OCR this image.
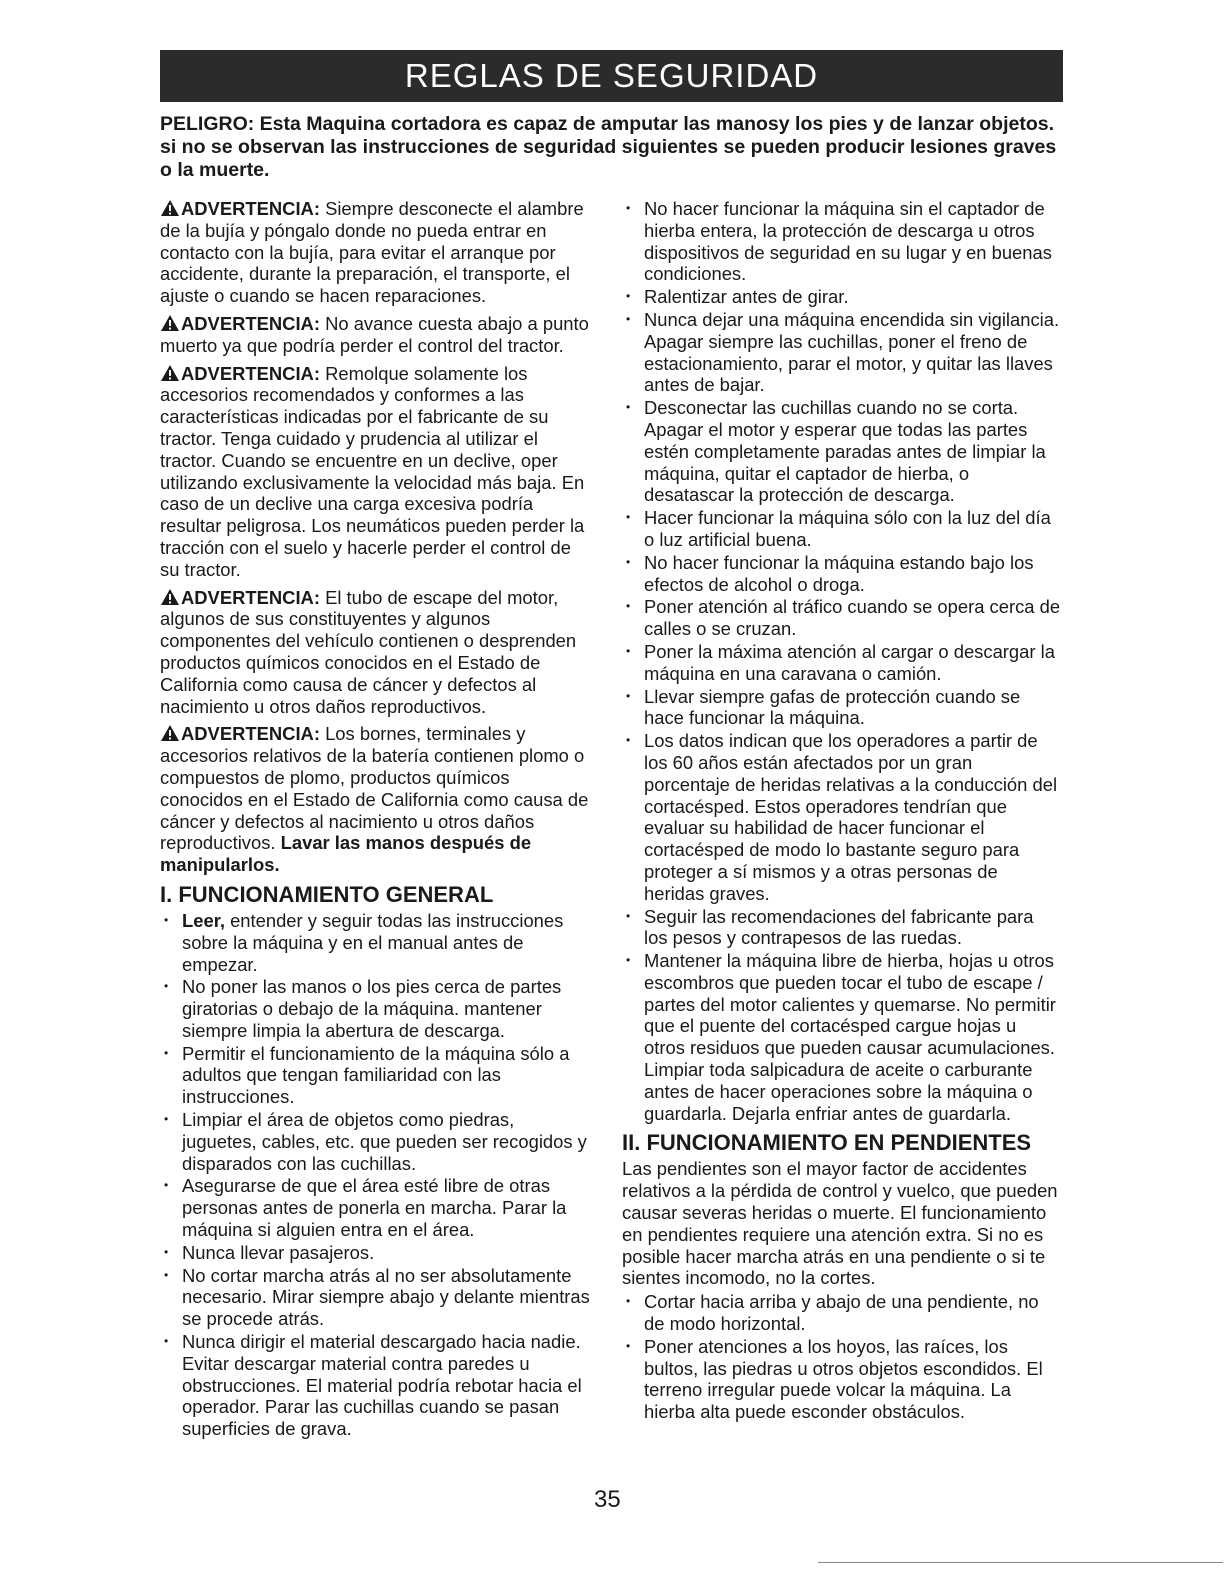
REGLAS DE SEGURIDAD
PELIGRO: Esta Maquina cortadora es capaz de amputar las manosy los pies y de lanzar objetos. si no se observan las instrucciones de seguridad siguientes se pueden producir lesiones graves o la muerte.

ADVERTENCIA: Siempre desconecte el alambre de la bujía y póngalo donde no pueda entrar en contacto con la bujía, para evitar el arranque por accidente, durante la preparación, el transporte, el ajuste o cuando se hacen reparaciones.

ADVERTENCIA: No avance cuesta abajo a punto muerto ya que podría perder el control del tractor.

ADVERTENCIA: Remolque solamente los accesorios recomendados y conformes a las características indicadas por el fabricante de su tractor. Tenga cuidado y prudencia al utilizar el tractor. Cuando se encuentre en un declive, oper utilizando exclusivamente la velocidad más baja. En caso de un declive una carga excesiva podría resultar peligrosa. Los neumáticos pueden perder la tracción con el suelo y hacerle perder el control de su tractor.

ADVERTENCIA: El tubo de escape del motor, algunos de sus constituyentes y algunos componentes del vehículo contienen o desprenden productos químicos conocidos en el Estado de California como causa de cáncer y defectos al nacimiento u otros daños reproductivos.

ADVERTENCIA: Los bornes, terminales y accesorios relativos de la batería contienen plomo o compuestos de plomo, productos químicos conocidos en el Estado de California como causa de cáncer y defectos al nacimiento u otros daños reproductivos. Lavar las manos después de manipularlos.

I. FUNCIONAMIENTO GENERAL
• Leer, entender y seguir todas las instrucciones sobre la máquina y en el manual antes de empezar.
• No poner las manos o los pies cerca de partes giratorias o debajo de la máquina. mantener siempre limpia la abertura de descarga.
• Permitir el funcionamiento de la máquina sólo a adultos que tengan familiaridad con las instrucciones.
• Limpiar el área de objetos como piedras, juguetes, cables, etc. que pueden ser recogidos y disparados con las cuchillas.
• Asegurarse de que el área esté libre de otras personas antes de ponerla en marcha. Parar la máquina si alguien entra en el área.
• Nunca llevar pasajeros.
• No cortar marcha atrás al no ser absolutamente necesario. Mirar siempre abajo y delante mientras se procede atrás.
• Nunca dirigir el material descargado hacia nadie. Evitar descargar material contra paredes u obstrucciones. El material podría rebotar hacia el operador. Parar las cuchillas cuando se pasan superficies de grava.
• No hacer funcionar la máquina sin el captador de hierba entera, la protección de descarga u otros dispositivos de seguridad en su lugar y en buenas condiciones.
• Ralentizar antes de girar.
• Nunca dejar una máquina encendida sin vigilancia. Apagar siempre las cuchillas, poner el freno de estacionamiento, parar el motor, y quitar las llaves antes de bajar.
• Desconectar las cuchillas cuando no se corta. Apagar el motor y esperar que todas las partes estén completamente paradas antes de limpiar la máquina, quitar el captador de hierba, o desatascar la protección de descarga.
• Hacer funcionar la máquina sólo con la luz del día o luz artificial buena.
• No hacer funcionar la máquina estando bajo los efectos de alcohol o droga.
• Poner atención al tráfico cuando se opera cerca de calles o se cruzan.
• Poner la máxima atención al cargar o descargar la máquina en una caravana o camión.
• Llevar siempre gafas de protección cuando se hace funcionar la máquina.
• Los datos indican que los operadores a partir de los 60 años están afectados por un gran porcentaje de heridas relativas a la conducción del cortacésped. Estos operadores tendrían que evaluar su habilidad de hacer funcionar el cortacésped de modo lo bastante seguro para proteger a sí mismos y a otras personas de heridas graves.
• Seguir las recomendaciones del fabricante para los pesos y contrapesos de las ruedas.
• Mantener la máquina libre de hierba, hojas u otros escombros que pueden tocar el tubo de escape / partes del motor calientes y quemarse. No permitir que el puente del cortacésped cargue hojas u otros residuos que pueden causar acumulaciones. Limpiar toda salpicadura de aceite o carburante antes de hacer operaciones sobre la máquina o guardarla. Dejarla enfriar antes de guardarla.
II. FUNCIONAMIENTO EN PENDIENTES

Las pendientes son el mayor factor de accidentes relativos a la pérdida de control y vuelco, que pueden causar severas heridas o muerte. El funcionamiento en pendientes requiere una atención extra. Si no es posible hacer marcha atrás en una pendiente o si te sientes incomodo, no la cortes.

• Cortar hacia arriba y abajo de una pendiente, no de modo horizontal.
• Poner atenciones a los hoyos, las raíces, los bultos, las piedras u otros objetos escondidos. El terreno irregular puede volcar la máquina. La hierba alta puede esconder obstáculos.
35
